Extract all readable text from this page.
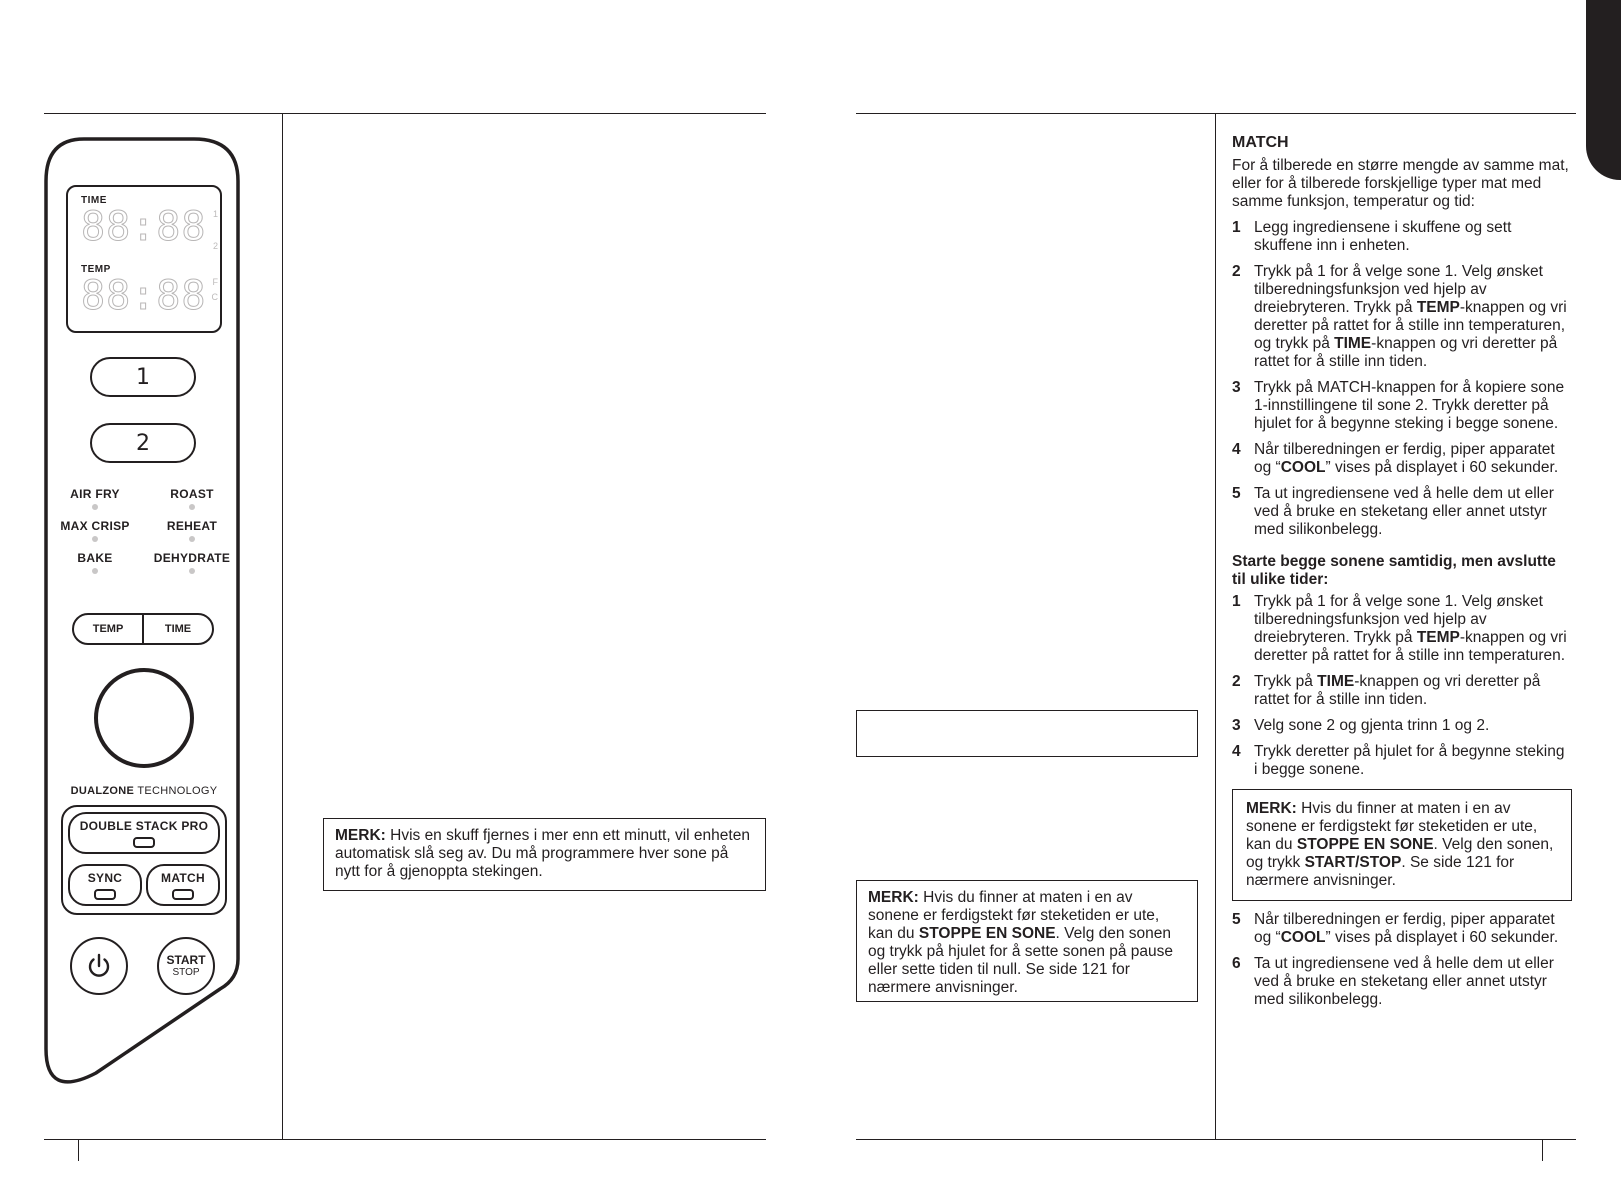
TIME
88:88 1
2
TEMP
88:88 F
C
1
2
AIR FRY	ROAST
MAX CRISP	REHEAT
BAKE	DEHYDRATE
TEMP	TIME
DUALZONE TECHNOLOGY
DOUBLE STACK PRO
SYNC	MATCH
START
STOP
MERK: Hvis en skuff fjernes i mer enn ett minutt, vil enheten automatisk slå seg av. Du må programmere hver sone på nytt for å gjenoppta stekingen.
MERK: Hvis du finner at maten i en av sonene er ferdigstekt før steketiden er ute, kan du STOPPE EN SONE. Velg den sonen og trykk på hjulet for å sette sonen på pause eller sette tiden til null. Se side 121 for nærmere anvisninger.
MATCH

For å tilberede en større mengde av samme mat, eller for å tilberede forskjellige typer mat med samme funksjon, temperatur og tid:

1 Legg ingrediensene i skuffene og sett skuffene inn i enheten.
2 Trykk på 1 for å velge sone 1. Velg ønsket tilberedningsfunksjon ved hjelp av dreiebryteren. Trykk på TEMP-knappen og vri deretter på rattet for å stille inn temperaturen, og trykk på TIME-knappen og vri deretter på rattet for å stille inn tiden.
3 Trykk på MATCH-knappen for å kopiere sone 1-innstillingene til sone 2. Trykk deretter på hjulet for å begynne steking i begge sonene.
4 Når tilberedningen er ferdig, piper apparatet og “COOL” vises på displayet i 60 sekunder.
5 Ta ut ingrediensene ved å helle dem ut eller ved å bruke en steketang eller annet utstyr med silikonbelegg.
Starte begge sonene samtidig, men avslutte til ulike tider:
1 Trykk på 1 for å velge sone 1. Velg ønsket tilberedningsfunksjon ved hjelp av dreiebryteren. Trykk på TEMP-knappen og vri deretter på rattet for å stille inn temperaturen.
2 Trykk på TIME-knappen og vri deretter på rattet for å stille inn tiden.
3 Velg sone 2 og gjenta trinn 1 og 2.
4 Trykk deretter på hjulet for å begynne steking i begge sonene.
MERK: Hvis du finner at maten i en av sonene er ferdigstekt før steketiden er ute, kan du STOPPE EN SONE. Velg den sonen, og trykk START/STOP. Se side 121 for nærmere anvisninger.
5 Når tilberedningen er ferdig, piper apparatet og “COOL” vises på displayet i 60 sekunder.
6 Ta ut ingrediensene ved å helle dem ut eller ved å bruke en steketang eller annet utstyr med silikonbelegg.
